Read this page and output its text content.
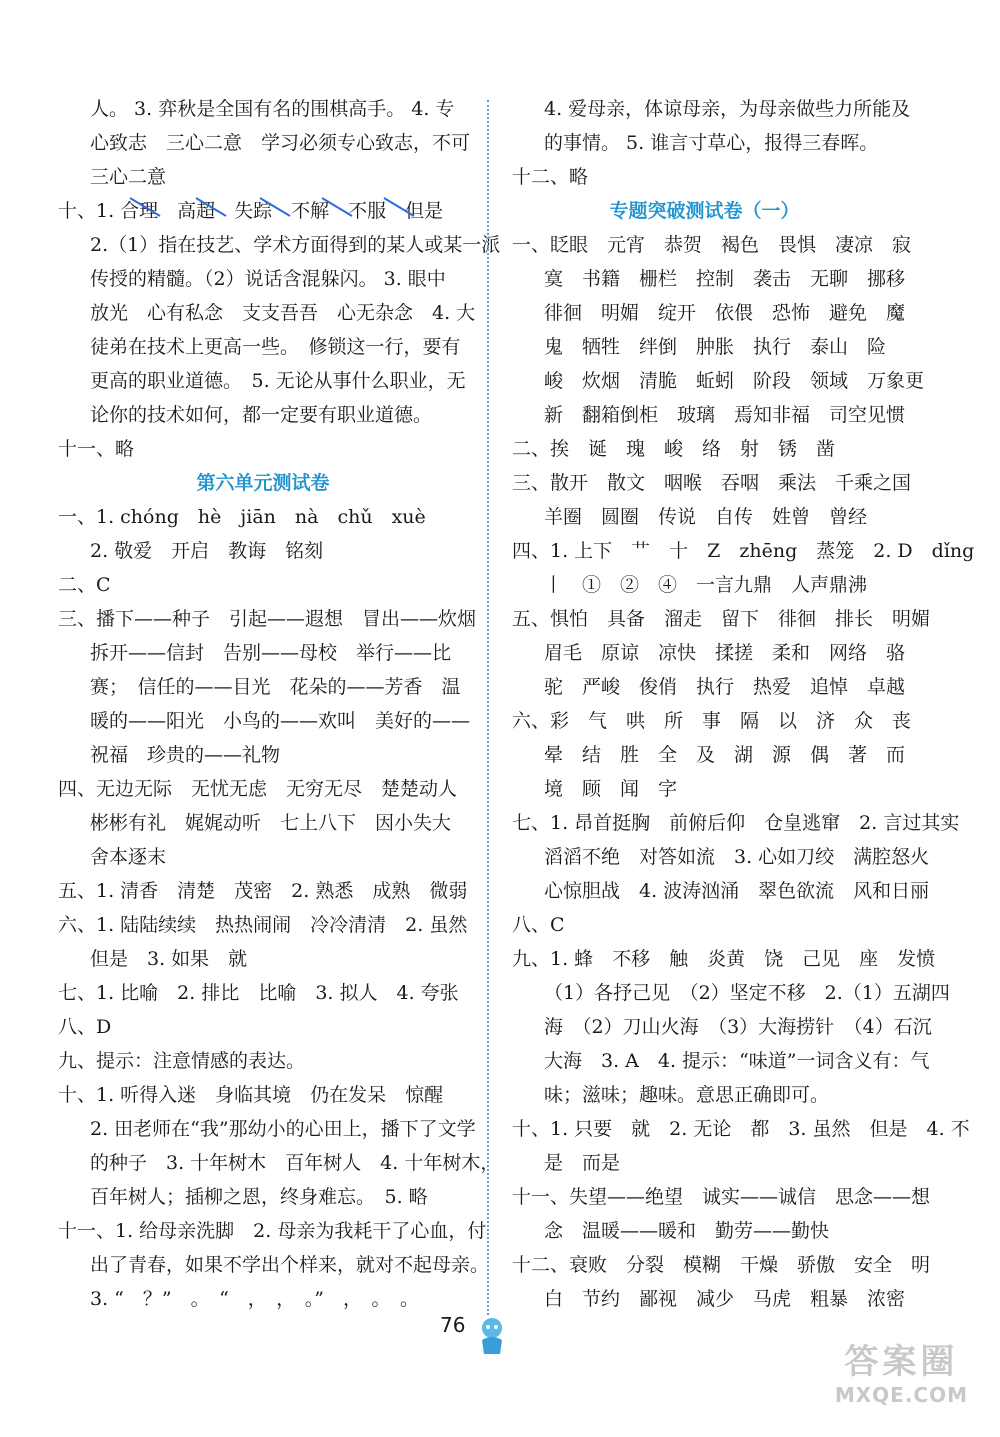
人。 3. 弈秋是全国有名的围棋高手。 4. 专
心致志　三心二意　学习必须专心致志，不可
三心二意
十、1. 合理　高超　失踪　不解　不服　但是
2.（1）指在技艺、学术方面得到的某人或某一派
传授的精髓。（2）说话含混躲闪。 3. 眼中
放光　心有私念　支支吾吾　心无杂念　4. 大
徒弟在技术上更高一些。　修锁这一行，要有
更高的职业道德。　5. 无论从事什么职业，无
论你的技术如何，都一定要有职业道德。
十一、略
第六单元测试卷
一、1. chóng　hè　jiān　nà　chǔ　xuè
2. 敬爱　开启　教诲　铭刻
二、C
三、播下——种子　引起——遐想　冒出——炊烟
拆开——信封　告别——母校　举行——比
赛；　信任的——目光　花朵的——芳香　温
暖的——阳光　小鸟的——欢叫　美好的——
祝福　珍贵的——礼物
四、无边无际　无忧无虑　无穷无尽　楚楚动人
彬彬有礼　娓娓动听　七上八下　因小失大
舍本逐末
五、1. 清香　清楚　茂密　2. 熟悉　成熟　微弱
六、1. 陆陆续续　热热闹闹　冷冷清清　2. 虽然
但是　3. 如果　就
七、1. 比喻　2. 排比　比喻　3. 拟人　4. 夸张
八、D
九、提示：注意情感的表达。
十、1. 听得入迷　身临其境　仍在发呆　惊醒
2. 田老师在“我”那幼小的心田上，播下了文学
的种子　3. 十年树木　百年树人　4. 十年树木，
百年树人；插柳之恩，终身难忘。　5. 略
十一、1. 给母亲洗脚　2. 母亲为我耗干了心血，付
出了青春，如果不学出个样来，就对不起母亲。
3. “　？”　。　“　，　，　。”　，　。　。
4. 爱母亲，体谅母亲，为母亲做些力所能及
的事情。 5. 谁言寸草心，报得三春晖。
十二、略
专题突破测试卷（一）
一、眨眼　元宵　恭贺　褐色　畏惧　凄凉　寂
寞　书籍　栅栏　控制　袭击　无聊　挪移
徘徊　明媚　绽开　依偎　恐怖　避免　魔
鬼　牺牲　绊倒　肿胀　执行　泰山　险
峻　炊烟　清脆　蚯蚓　阶段　领域　万象更
新　翻箱倒柜　玻璃　焉知非福　司空见惯
二、挨　诞　瑰　峻　络　射　锈　凿
三、散开　散文　咽喉　吞咽　乘法　千乘之国
羊圈　圆圈　传说　自传　姓曾　曾经
四、1. 上下　艹　十　Z　zhēng　蒸笼　2. D　dǐng
丨　①　②　④　一言九鼎　人声鼎沸
五、惧怕　具备　溜走　留下　徘徊　排长　明媚
眉毛　原谅　凉快　揉搓　柔和　网络　骆
驼　严峻　俊俏　执行　热爱　追悼　卓越
六、彩　气　哄　所　事　隔　以　济　众　丧
晕　结　胜　全　及　湖　源　偶　著　而
境　顾　闻　字
七、1. 昂首挺胸　前俯后仰　仓皇逃窜　2. 言过其实
滔滔不绝　对答如流　3. 心如刀绞　满腔怒火
心惊胆战　4. 波涛汹涌　翠色欲流　风和日丽
八、C
九、1. 蜂　不移　触　炎黄　饶　己见　座　发愤
（1）各抒己见　（2）坚定不移　2.（1）五湖四
海　（2）刀山火海　（3）大海捞针　（4）石沉
大海　3. A　4. 提示：“味道”一词含义有：气
味；滋味；趣味。意思正确即可。
十、1. 只要　就　2. 无论　都　3. 虽然　但是　4. 不
是　而是
十一、失望——绝望　诚实——诚信　思念——想
念　温暖——暖和　勤劳——勤快
十二、衰败　分裂　模糊　干燥　骄傲　安全　明
白　节约　鄙视　减少　马虎　粗暴　浓密
76
答案圈
MXQE.COM
